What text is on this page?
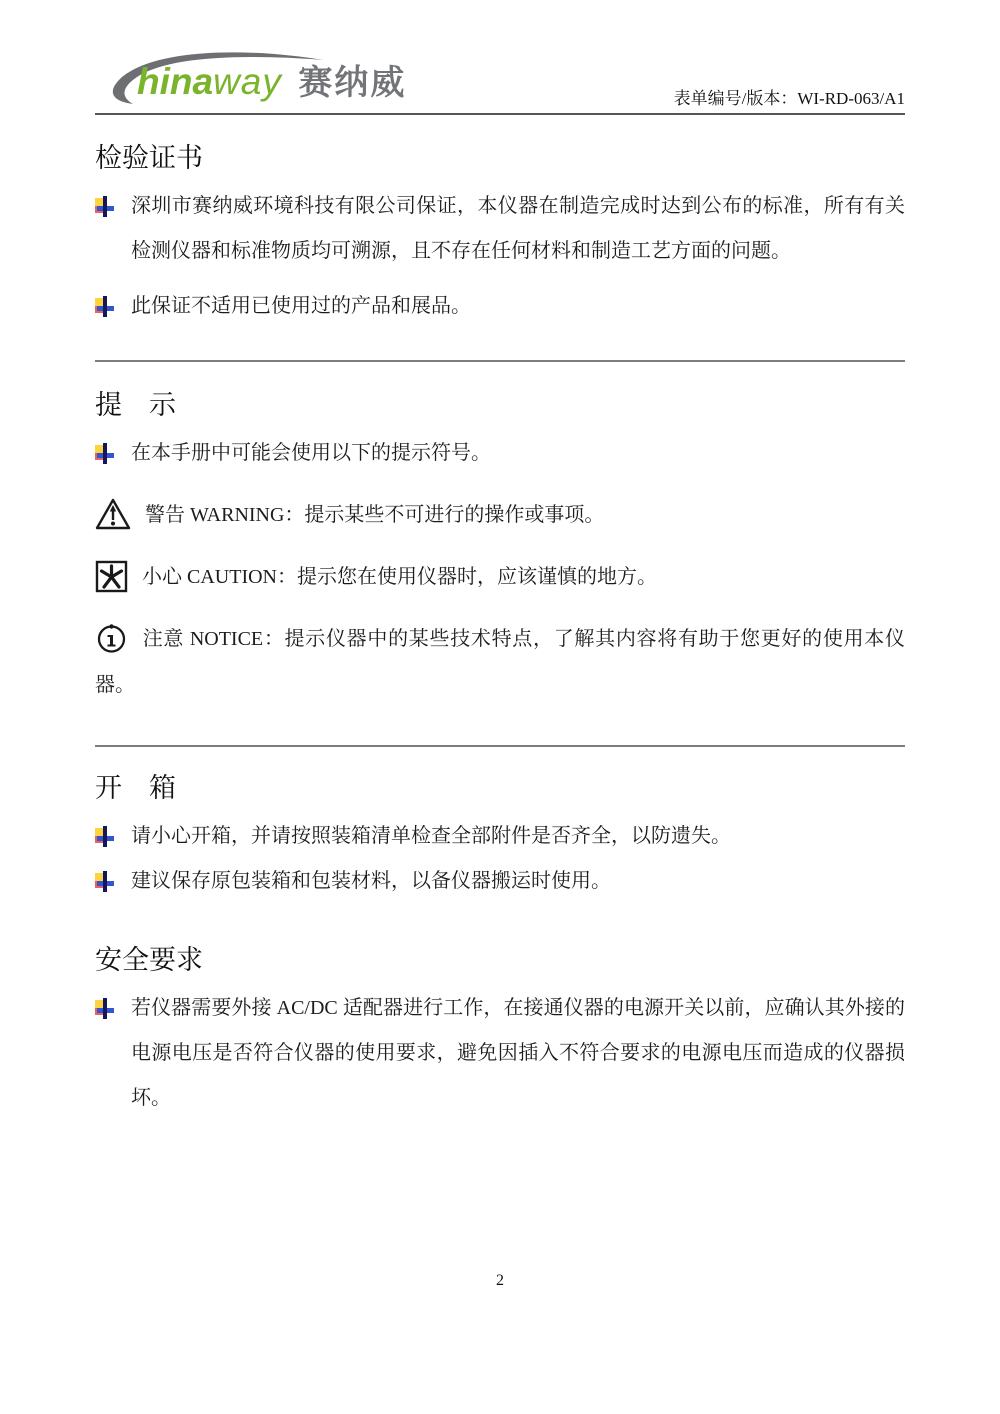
hinaway 赛纳威	表单编号/版本：WI-RD-063/A1
检验证书
深圳市赛纳威环境科技有限公司保证，本仪器在制造完成时达到公布的标准，所有有关检测仪器和标准物质均可溯源，且不存在任何材料和制造工艺方面的问题。
此保证不适用已使用过的产品和展品。
提　示
在本手册中可能会使用以下的提示符号。

警告 WARNING：提示某些不可进行的操作或事项。

小心 CAUTION：提示您在使用仪器时，应该谨慎的地方。

注意 NOTICE：提示仪器中的某些技术特点，了解其内容将有助于您更好的使用本仪器。

开　箱
请小心开箱，并请按照装箱清单检查全部附件是否齐全，以防遗失。
建议保存原包装箱和包装材料，以备仪器搬运时使用。
安全要求
若仪器需要外接 AC/DC 适配器进行工作，在接通仪器的电源开关以前，应确认其外接的电源电压是否符合仪器的使用要求，避免因插入不符合要求的电源电压而造成的仪器损坏。
2
